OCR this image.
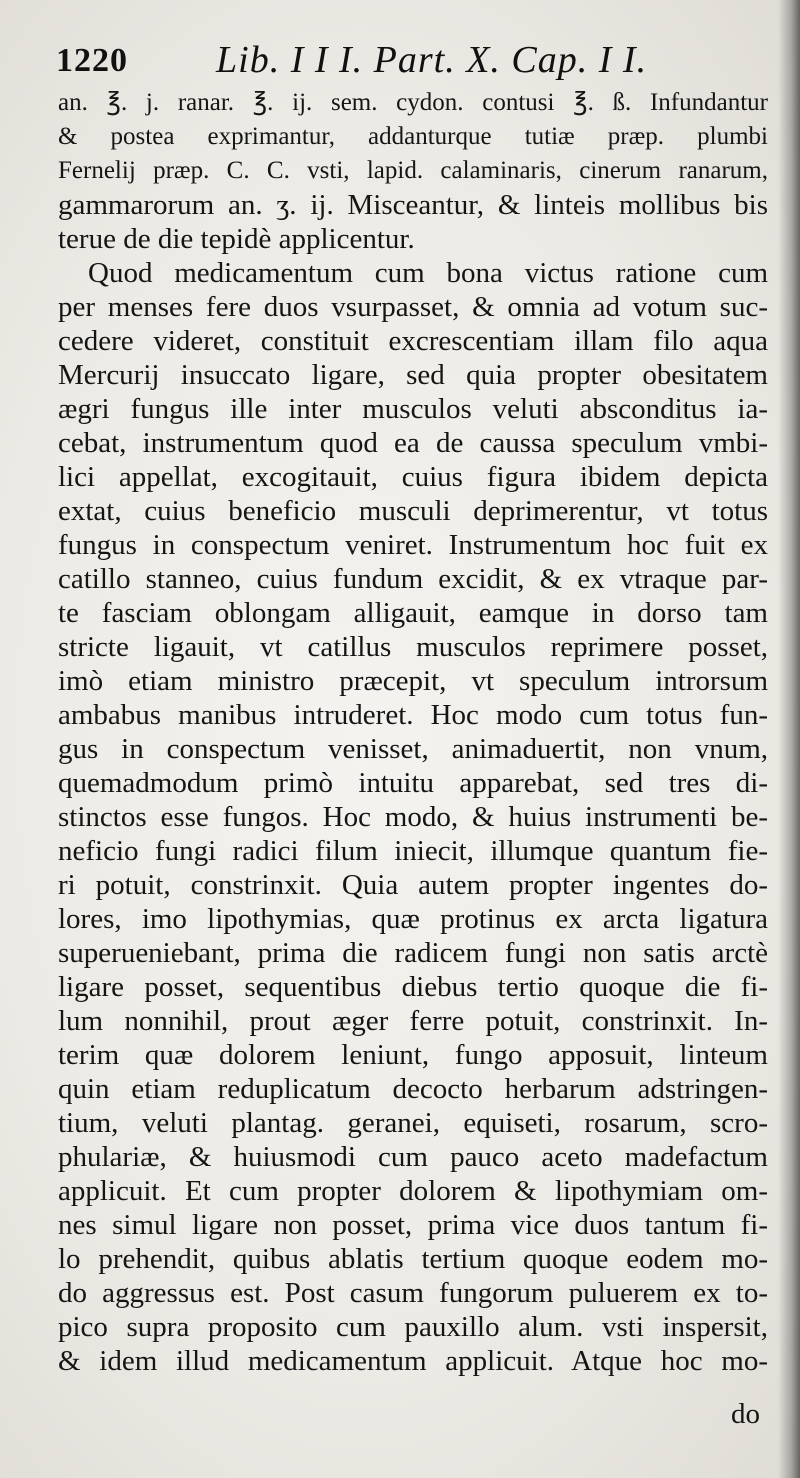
1220 Lib. I I I. Part. X. Cap. I I.
an. ℥. j. ranar. ℥. ij. sem. cydon. contusi ℥. ß. Infundantur
& postea exprimantur, addanturque tutiæ præp. plumbi
Fernelij præp. C. C. vsti, lapid. calaminaris, cinerum ranarum,
gammarorum an. ʒ. ij. Misceantur, & linteis mollibus bis
terue de die tepidè applicentur.
Quod medicamentum cum bona victus ratione cum
per menses fere duos vsurpasset, & omnia ad votum suc-
cedere videret, constituit excrescentiam illam filo aqua
Mercurij insuccato ligare, sed quia propter obesitatem
ægri fungus ille inter musculos veluti absconditus ia-
cebat, instrumentum quod ea de caussa speculum vmbi-
lici appellat, excogitauit, cuius figura ibidem depicta
extat, cuius beneficio musculi deprimerentur, vt totus
fungus in conspectum veniret. Instrumentum hoc fuit ex
catillo stanneo, cuius fundum excidit, & ex vtraque par-
te fasciam oblongam alligauit, eamque in dorso tam
stricte ligauit, vt catillus musculos reprimere posset,
imò etiam ministro præcepit, vt speculum introrsum
ambabus manibus intruderet. Hoc modo cum totus fun-
gus in conspectum venisset, animaduertit, non vnum,
quemadmodum primò intuitu apparebat, sed tres di-
stinctos esse fungos. Hoc modo, & huius instrumenti be-
neficio fungi radici filum iniecit, illumque quantum fie-
ri potuit, constrinxit. Quia autem propter ingentes do-
lores, imo lipothymias, quæ protinus ex arcta ligatura
superueniebant, prima die radicem fungi non satis arctè
ligare posset, sequentibus diebus tertio quoque die fi-
lum nonnihil, prout æger ferre potuit, constrinxit. In-
terim quæ dolorem leniunt, fungo apposuit, linteum
quin etiam reduplicatum decocto herbarum adstringen-
tium, veluti plantag. geranei, equiseti, rosarum, scro-
phulariæ, & huiusmodi cum pauco aceto madefactum
applicuit. Et cum propter dolorem & lipothymiam om-
nes simul ligare non posset, prima vice duos tantum fi-
lo prehendit, quibus ablatis tertium quoque eodem mo-
do aggressus est. Post casum fungorum puluerem ex to-
pico supra proposito cum pauxillo alum. vsti inspersit,
& idem illud medicamentum applicuit. Atque hoc mo-
do
